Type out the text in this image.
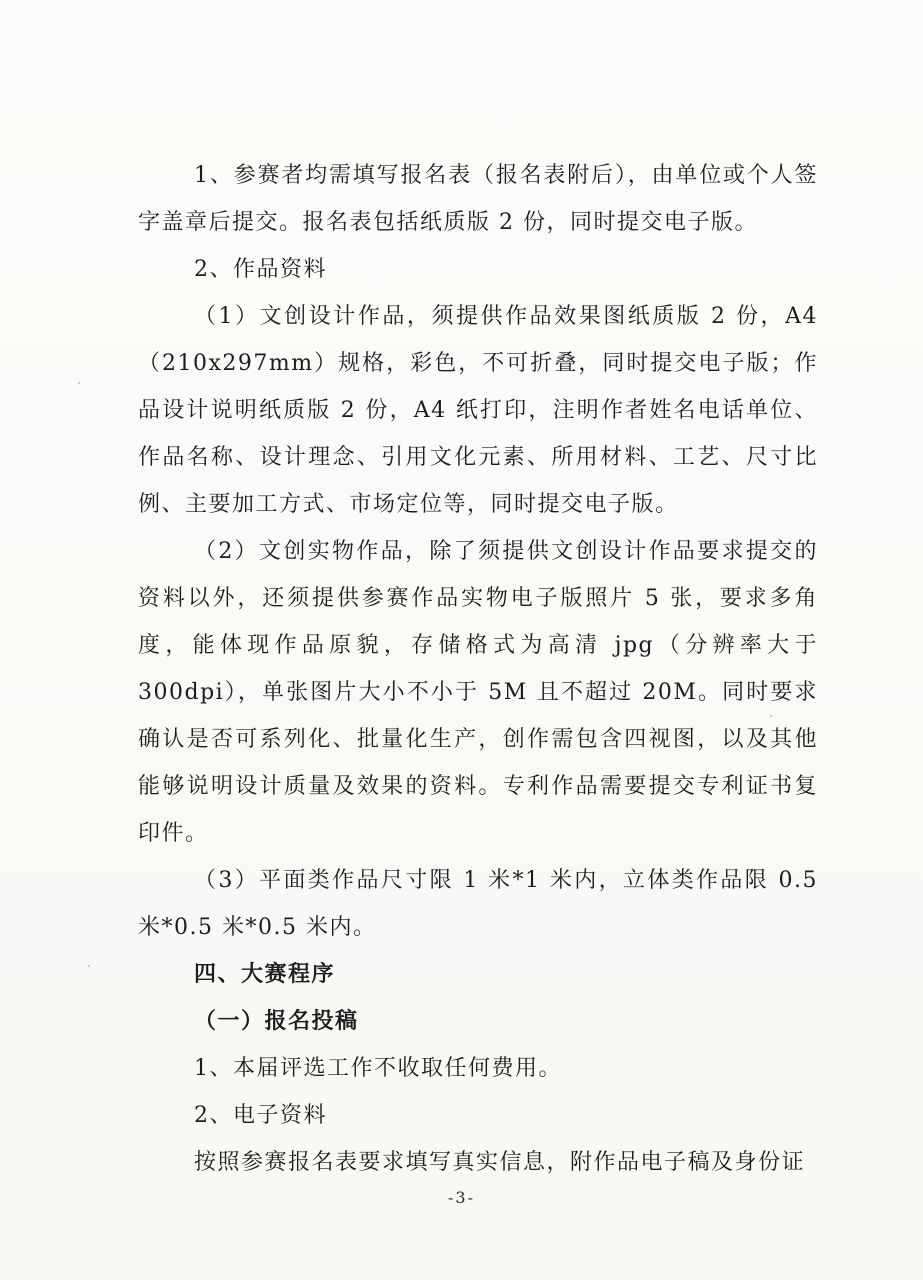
1、参赛者均需填写报名表（报名表附后），由单位或个人签字盖章后提交。报名表包括纸质版 2 份，同时提交电子版。

2、作品资料

（1）文创设计作品，须提供作品效果图纸质版 2 份，A4（210x297mm）规格，彩色，不可折叠，同时提交电子版；作品设计说明纸质版 2 份，A4 纸打印，注明作者姓名电话单位、作品名称、设计理念、引用文化元素、所用材料、工艺、尺寸比例、主要加工方式、市场定位等，同时提交电子版。

（2）文创实物作品，除了须提供文创设计作品要求提交的资料以外，还须提供参赛作品实物电子版照片 5 张，要求多角度，能体现作品原貌，存储格式为高清 jpg（分辨率大于 300dpi），单张图片大小不小于 5M 且不超过 20M。同时要求确认是否可系列化、批量化生产，创作需包含四视图，以及其他能够说明设计质量及效果的资料。专利作品需要提交专利证书复印件。

（3）平面类作品尺寸限 1 米*1 米内，立体类作品限 0.5 米*0.5 米*0.5 米内。

四、大赛程序

（一）报名投稿

1、本届评选工作不收取任何费用。

2、电子资料

按照参赛报名表要求填写真实信息，附作品电子稿及身份证

-3-
